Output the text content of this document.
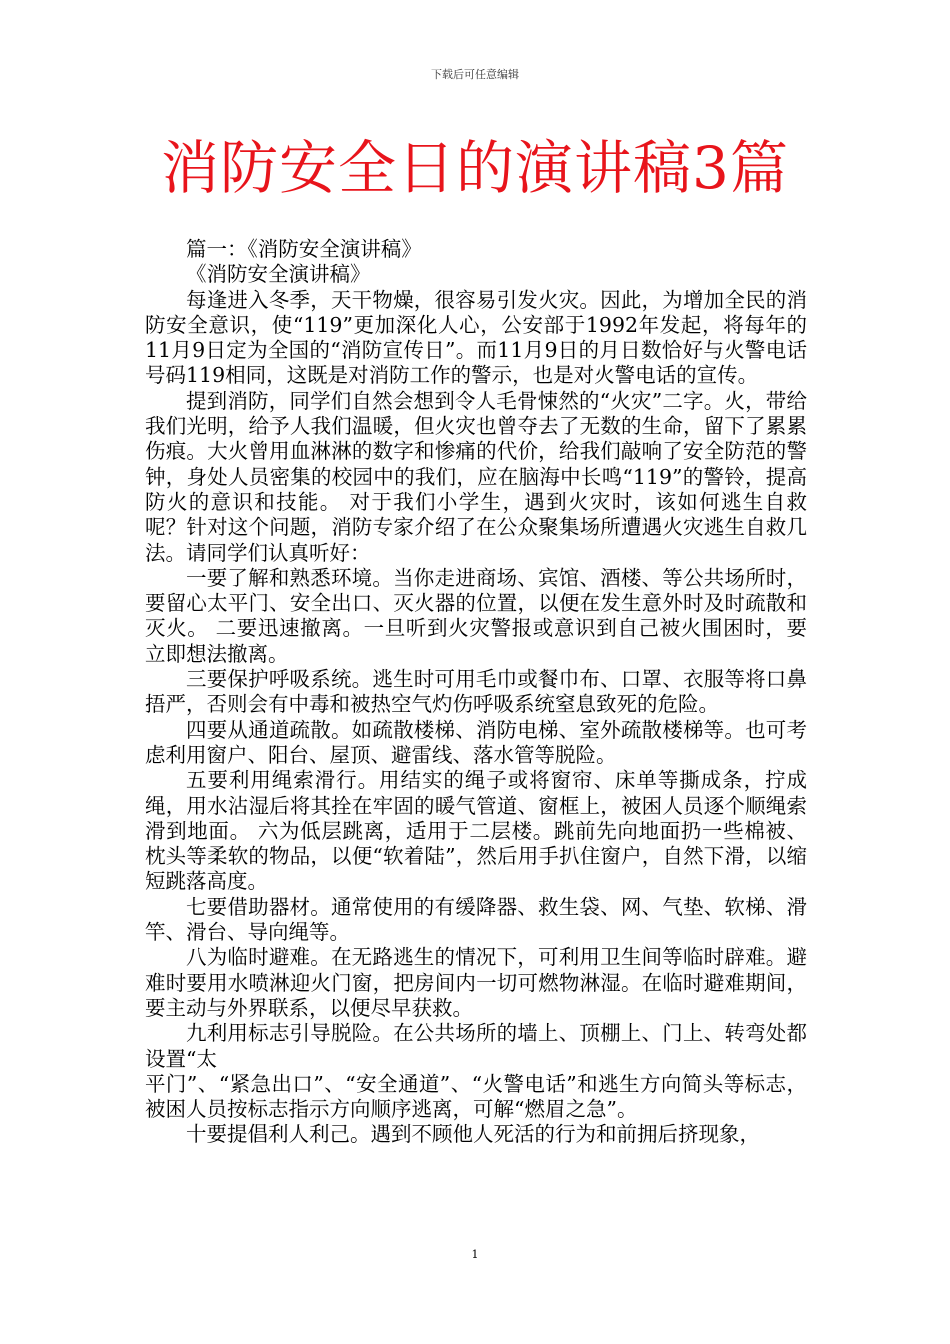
下载后可任意编辑
消防安全日的演讲稿3篇

篇一：《消防安全演讲稿》

《消防安全演讲稿》

每逢进入冬季，天干物燥，很容易引发火灾。因此，为增加全民的消防安全意识，使“119”更加深化人心，公安部于1992年发起，将每年的11月9日定为全国的“消防宣传日”。而11月9日的月日数恰好与火警电话号码119相同，这既是对消防工作的警示，也是对火警电话的宣传。

提到消防，同学们自然会想到令人毛骨悚然的“火灾”二字。火，带给我们光明，给予人我们温暖，但火灾也曾夺去了无数的生命，留下了累累伤痕。大火曾用血淋淋的数字和惨痛的代价，给我们敲响了安全防范的警钟，身处人员密集的校园中的我们，应在脑海中长鸣“119”的警铃，提高防火的意识和技能。 对于我们小学生，遇到火灾时，该如何逃生自救呢？针对这个问题，消防专家介绍了在公众聚集场所遭遇火灾逃生自救几法。请同学们认真听好：

一要了解和熟悉环境。当你走进商场、宾馆、酒楼、等公共场所时，要留心太平门、安全出口、灭火器的位置，以便在发生意外时及时疏散和灭火。 二要迅速撤离。一旦听到火灾警报或意识到自己被火围困时，要立即想法撤离。

三要保护呼吸系统。逃生时可用毛巾或餐巾布、口罩、衣服等将口鼻捂严，否则会有中毒和被热空气灼伤呼吸系统窒息致死的危险。

四要从通道疏散。如疏散楼梯、消防电梯、室外疏散楼梯等。也可考虑利用窗户、阳台、屋顶、避雷线、落水管等脱险。

五要利用绳索滑行。用结实的绳子或将窗帘、床单等撕成条，拧成绳，用水沾湿后将其拴在牢固的暖气管道、窗框上，被困人员逐个顺绳索滑到地面。 六为低层跳离，适用于二层楼。跳前先向地面扔一些棉被、枕头等柔软的物品，以便“软着陆”，然后用手扒住窗户，自然下滑，以缩短跳落高度。

七要借助器材。通常使用的有缓降器、救生袋、网、气垫、软梯、滑竿、滑台、导向绳等。

八为临时避难。在无路逃生的情况下，可利用卫生间等临时辟难。避难时要用水喷淋迎火门窗，把房间内一切可燃物淋湿。在临时避难期间，要主动与外界联系，以便尽早获救。

九利用标志引导脱险。在公共场所的墙上、顶棚上、门上、转弯处都设置“太

平门”、“紧急出口”、“安全通道”、“火警电话”和逃生方向简头等标志，被困人员按标志指示方向顺序逃离，可解“燃眉之急”。

十要提倡利人利己。遇到不顾他人死活的行为和前拥后挤现象，

1
